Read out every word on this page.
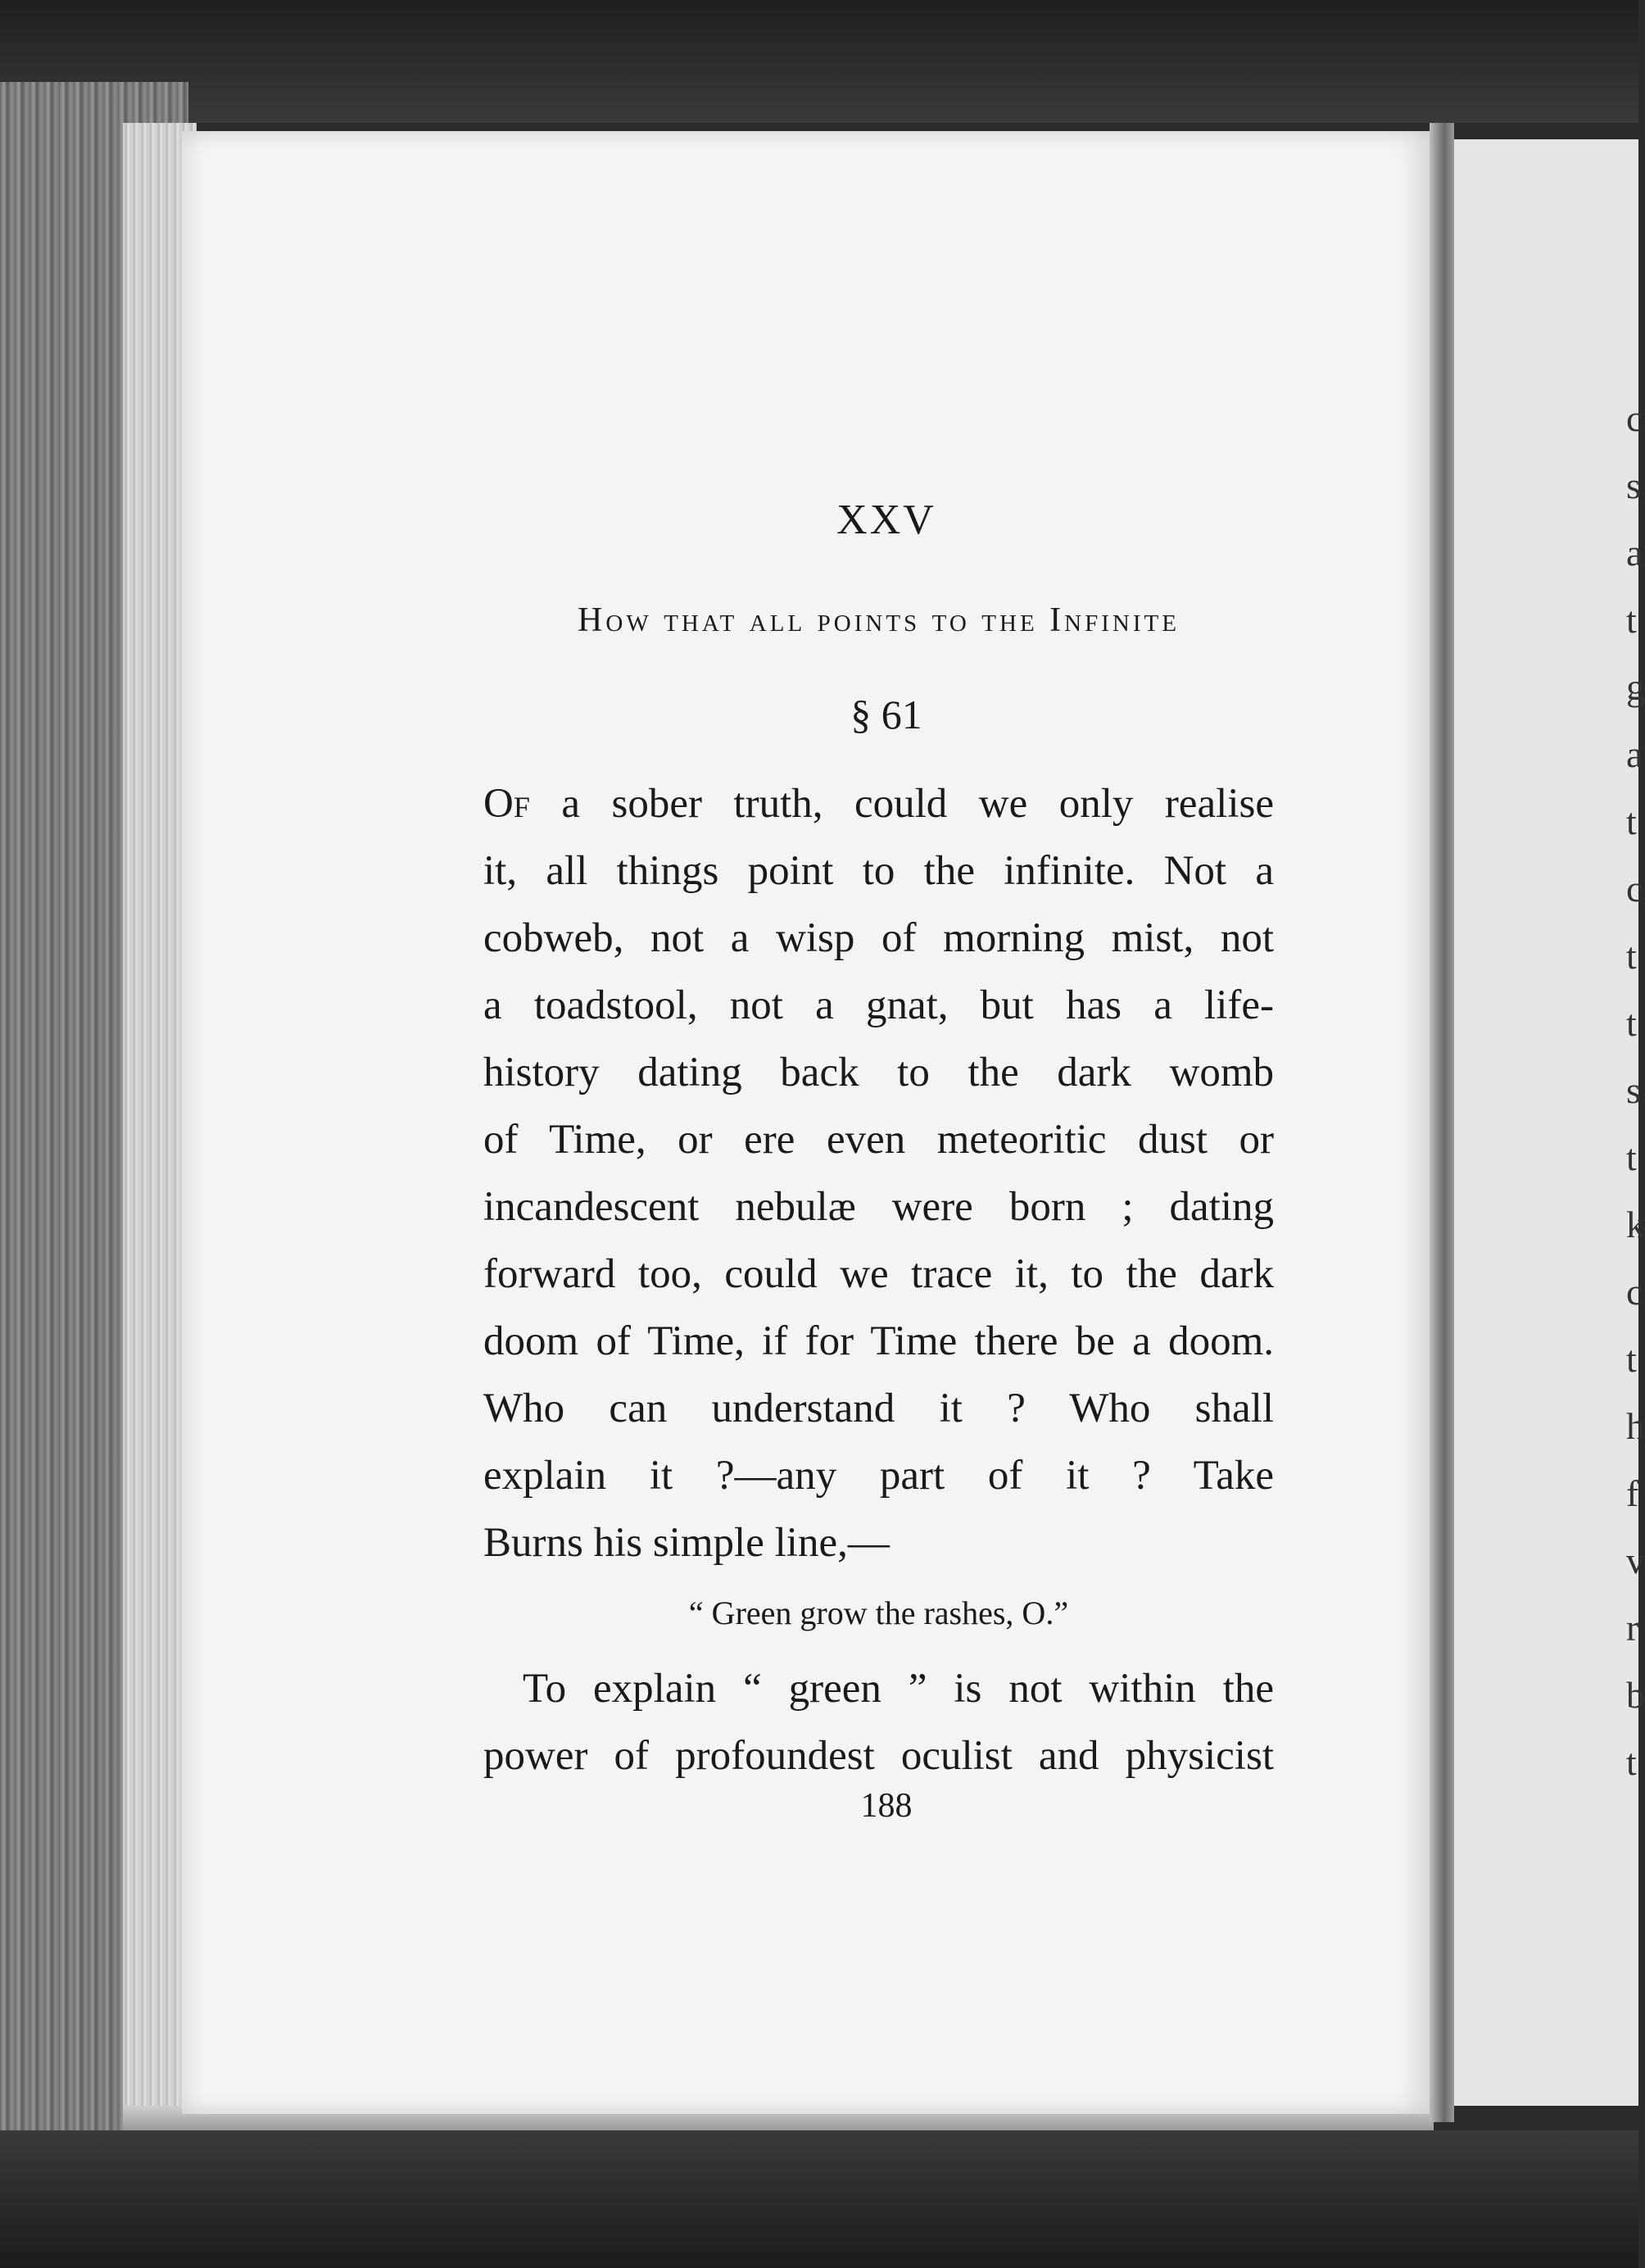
c
s
a
t
g
a
t
c
t
t
s
t
k
c
t
h
f
v
r
b
t
XXV
How that all points to the Infinite
§ 61
Of a sober truth, could we only realise
it, all things point to the infinite. Not a
cobweb, not a wisp of morning mist, not
a toadstool, not a gnat, but has a life-
history dating back to the dark womb
of Time, or ere even meteoritic dust or
incandescent nebulæ were born ; dating
forward too, could we trace it, to the dark
doom of Time, if for Time there be a doom.
Who can understand it ? Who shall
explain it ?—any part of it ? Take
Burns his simple line,—
“ Green grow the rashes, O.”
To explain “ green ” is not within the
power of profoundest oculist and physicist
188
